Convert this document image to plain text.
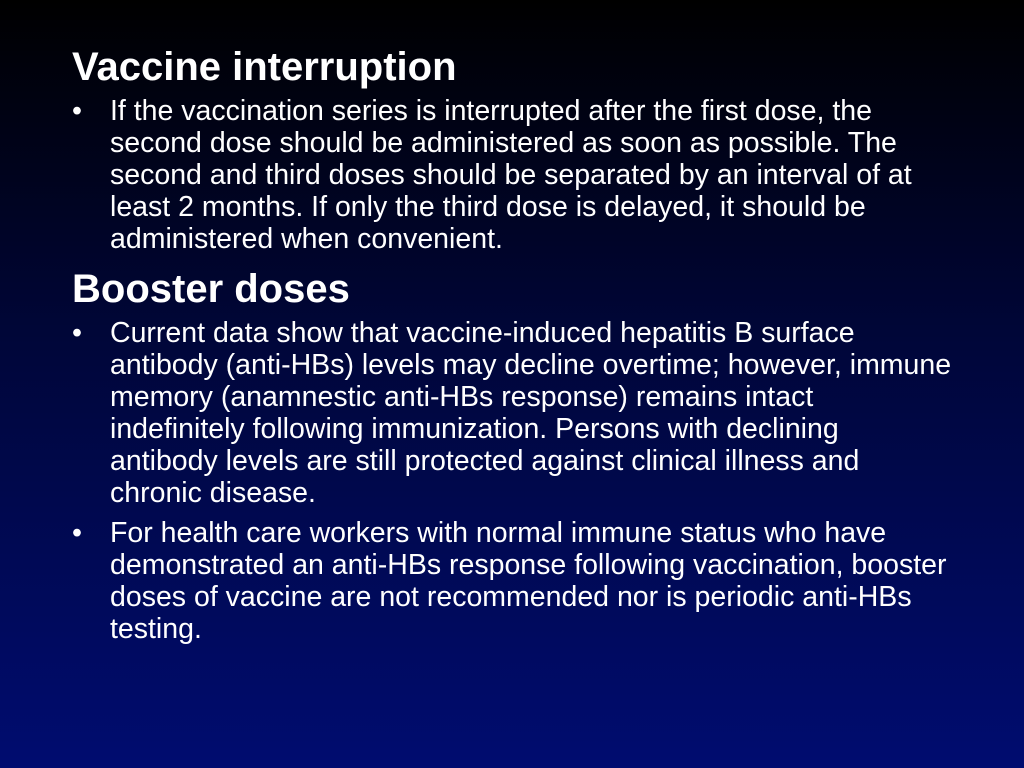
Vaccine interruption
• If the vaccination series is interrupted after the first dose, the second dose should be administered as soon as possible. The second and third doses should be separated by an interval of at least 2 months. If only the third dose is delayed, it should be administered when convenient.
Booster doses
• Current data show that vaccine-induced hepatitis B surface antibody (anti-HBs) levels may decline overtime; however, immune memory (anamnestic anti-HBs response) remains intact indefinitely following immunization. Persons with declining antibody levels are still protected against clinical illness and chronic disease.
• For health care workers with normal immune status who have demonstrated an anti-HBs response following vaccination, booster doses of vaccine are not recommended nor is periodic anti-HBs testing.
